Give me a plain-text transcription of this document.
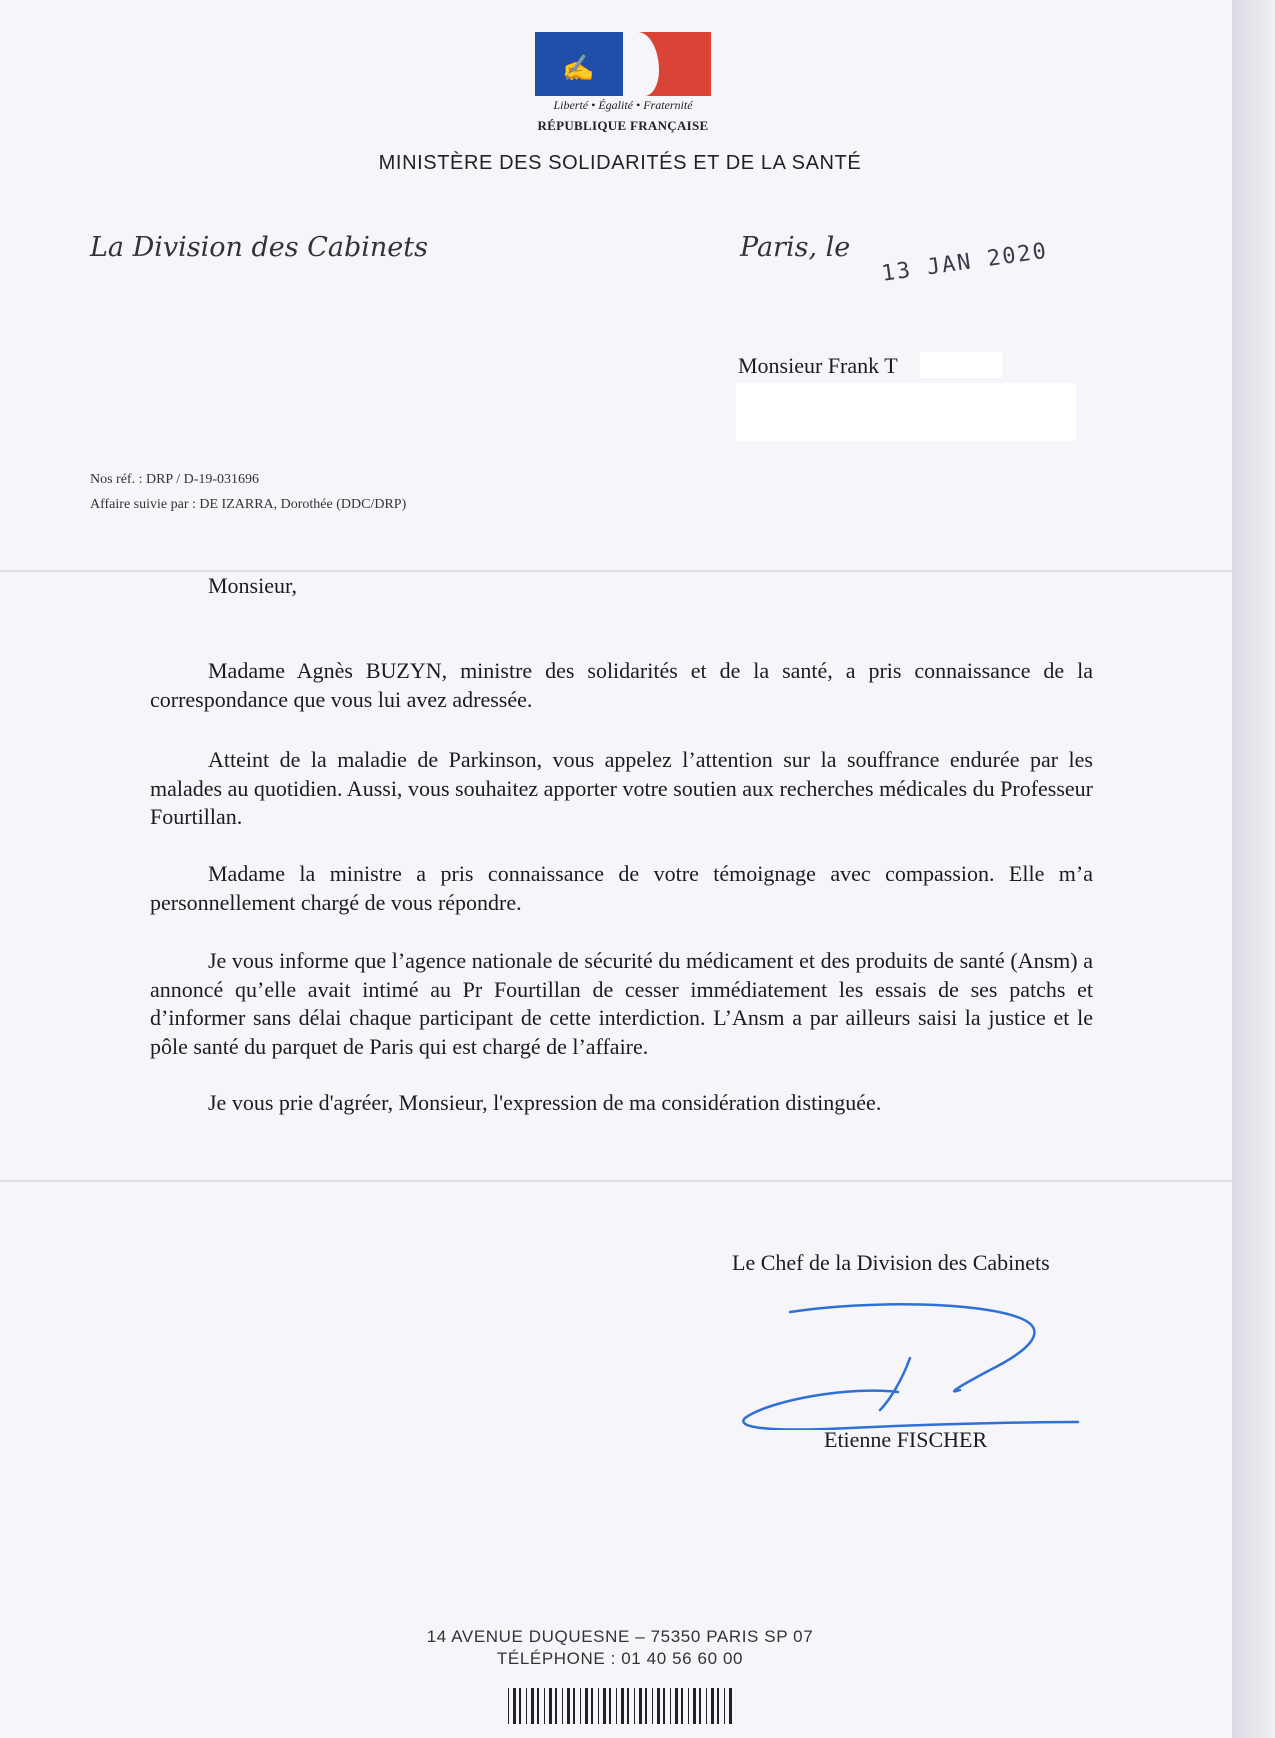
✍
Liberté • Égalité • Fraternité
RÉPUBLIQUE FRANÇAISE
MINISTÈRE DES SOLIDARITÉS ET DE LA SANTÉ
La Division des Cabinets	Paris, le 13 JAN 2020
Monsieur Frank T
Nos réf. : DRP / D-19-031696
Affaire suivie par : DE IZARRA, Dorothée (DDC/DRP)
Monsieur,
Madame Agnès BUZYN, ministre des solidarités et de la santé, a pris connaissance de la correspondance que vous lui avez adressée.
Atteint de la maladie de Parkinson, vous appelez l’attention sur la souffrance endurée par les malades au quotidien. Aussi, vous souhaitez apporter votre soutien aux recherches médicales du Professeur Fourtillan.
Madame la ministre a pris connaissance de votre témoignage avec compassion. Elle m’a personnellement chargé de vous répondre.
Je vous informe que l’agence nationale de sécurité du médicament et des produits de santé (Ansm) a annoncé qu’elle avait intimé au Pr Fourtillan de cesser immédiatement les essais de ses patchs et d’informer sans délai chaque participant de cette interdiction. L’Ansm a par ailleurs saisi la justice et le pôle santé du parquet de Paris qui est chargé de l’affaire.
Je vous prie d'agréer, Monsieur, l'expression de ma considération distinguée.
Le Chef de la Division des Cabinets
Etienne FISCHER
14 AVENUE DUQUESNE – 75350 PARIS SP 07
TÉLÉPHONE : 01 40 56 60 00
